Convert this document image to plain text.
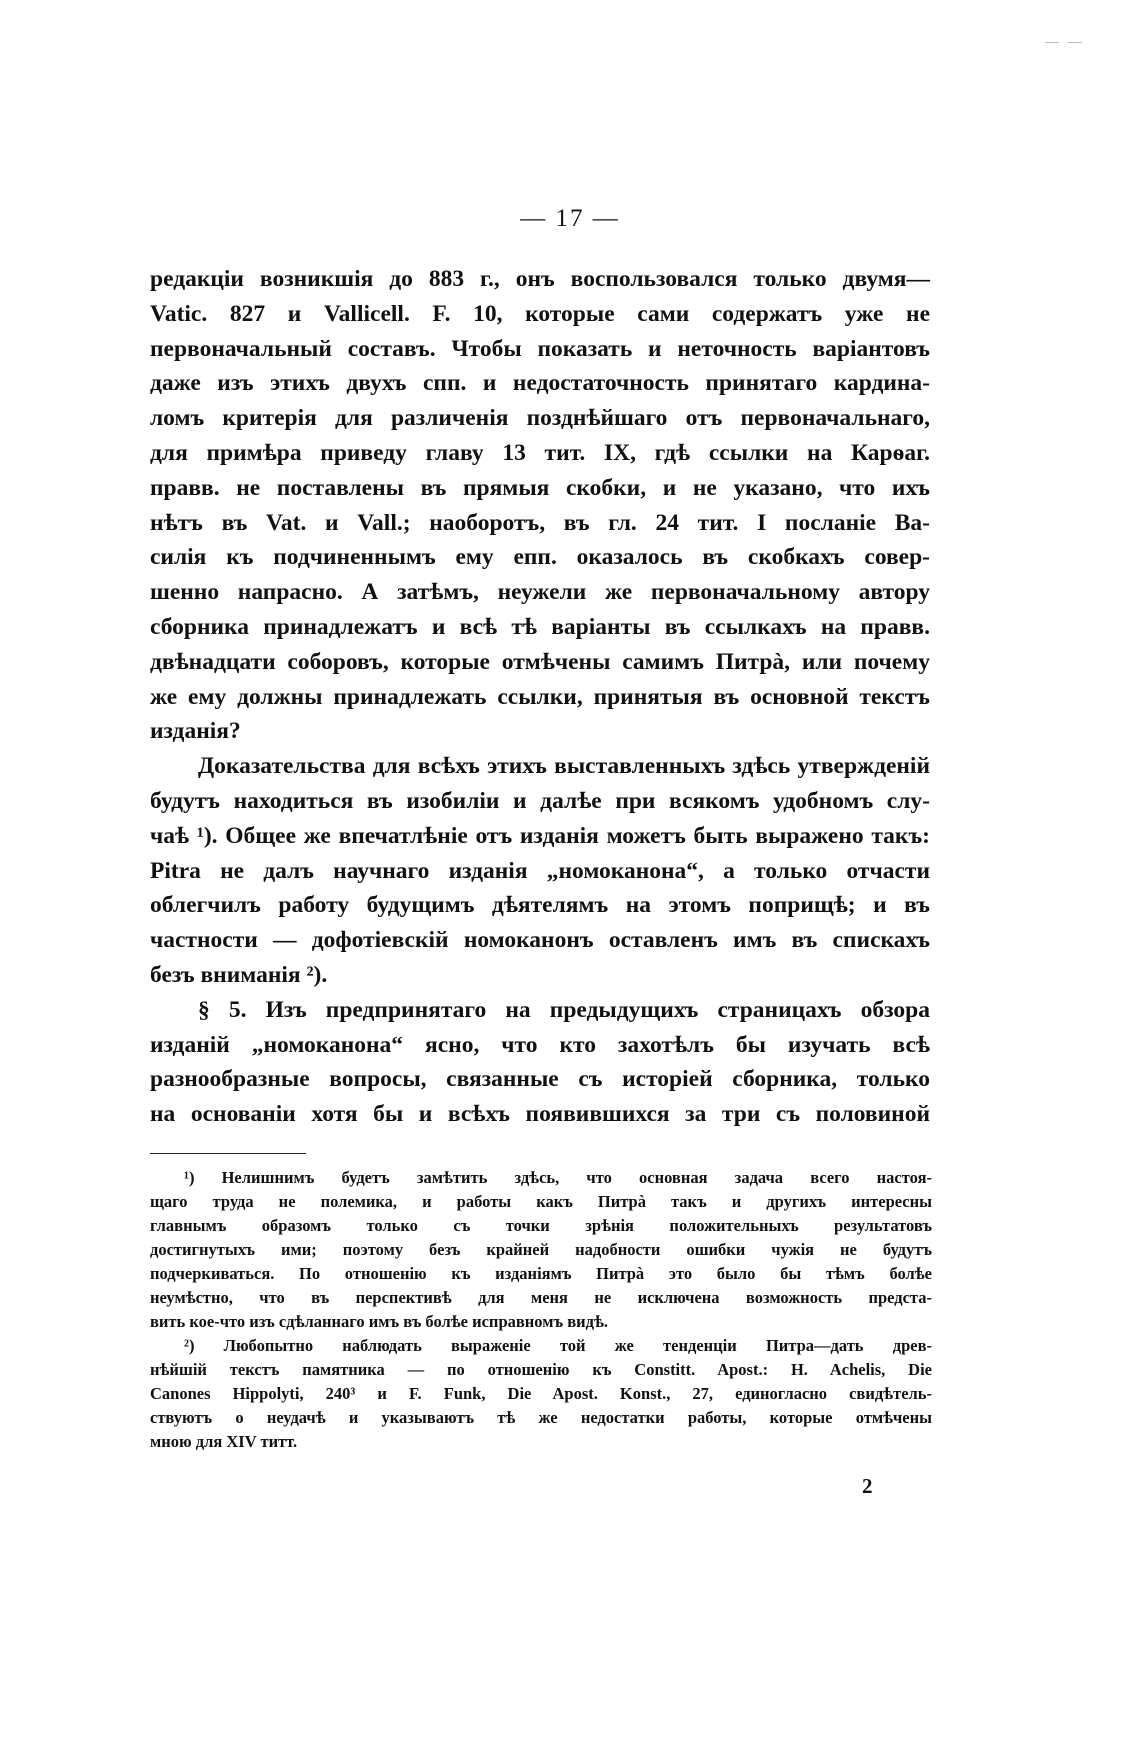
— 17 —
редакціи возникшія до 883 г., онъ воспользовался только двумя—
Vatic. 827 и Vallicell. F. 10, которые сами содержатъ уже не
первоначальный составъ. Чтобы показать и неточность варіантовъ
даже изъ этихъ двухъ спп. и недостаточность принятаго кардина-
ломъ критерія для различенія позднѣйшаго отъ первоначальнаго,
для примѣра приведу главу 13 тит. IX, гдѣ ссылки на Карѳаг.
правв. не поставлены въ прямыя скобки, и не указано, что ихъ
нѣтъ въ Vat. и Vall.; наоборотъ, въ гл. 24 тит. I посланіе Ва-
силія къ подчиненнымъ ему епп. оказалось въ скобкахъ совер-
шенно напрасно. А затѣмъ, неужели же первоначальному автору
сборника принадлежатъ и всѣ тѣ варіанты въ ссылкахъ на правв.
двѣнадцати соборовъ, которые отмѣчены самимъ Питрà, или почему
же ему должны принадлежать ссылки, принятыя въ основной текстъ
изданія?
Доказательства для всѣхъ этихъ выставленныхъ здѣсь утвержденій
будутъ находиться въ изобиліи и далѣе при всякомъ удобномъ слу-
чаѣ ¹). Общее же впечатлѣніе отъ изданія можетъ быть выражено такъ:
Pitra не далъ научнаго изданія „номоканона“, а только отчасти
облегчилъ работу будущимъ дѣятелямъ на этомъ поприщѣ; и въ
частности — дофотіевскій номоканонъ оставленъ имъ въ спискахъ
безъ вниманія ²).
§ 5. Изъ предпринятаго на предыдущихъ страницахъ обзора
изданій „номоканона“ ясно, что кто захотѣлъ бы изучать всѣ
разнообразные вопросы, связанные съ исторіей сборника, только
на основаніи хотя бы и всѣхъ появившихся за три съ половиной
¹) Нелишнимъ будетъ замѣтить здѣсь, что основная задача всего настоя-
щаго труда не полемика, и работы какъ Питрà такъ и другихъ интересны
главнымъ образомъ только съ точки зрѣнія положительныхъ результатовъ
достигнутыхъ ими; поэтому безъ крайней надобности ошибки чужія не будутъ
подчеркиваться. По отношенію къ изданіямъ Питрà это было бы тѣмъ болѣе
неумѣстно, что въ перспективѣ для меня не исключена возможность предста-
вить кое-что изъ сдѣланнаго имъ въ болѣе исправномъ видѣ.
²) Любопытно наблюдать выраженіе той же тенденціи Питра—дать древ-
нѣйшій текстъ памятника — по отношенію къ Constitt. Apost.: H. Achelis, Die
Canones Hippolyti, 240³ и F. Funk, Die Apost. Konst., 27, единогласно свидѣтель-
ствуютъ о неудачѣ и указываютъ тѣ же недостатки работы, которые отмѣчены
мною для XIV титт.
2
